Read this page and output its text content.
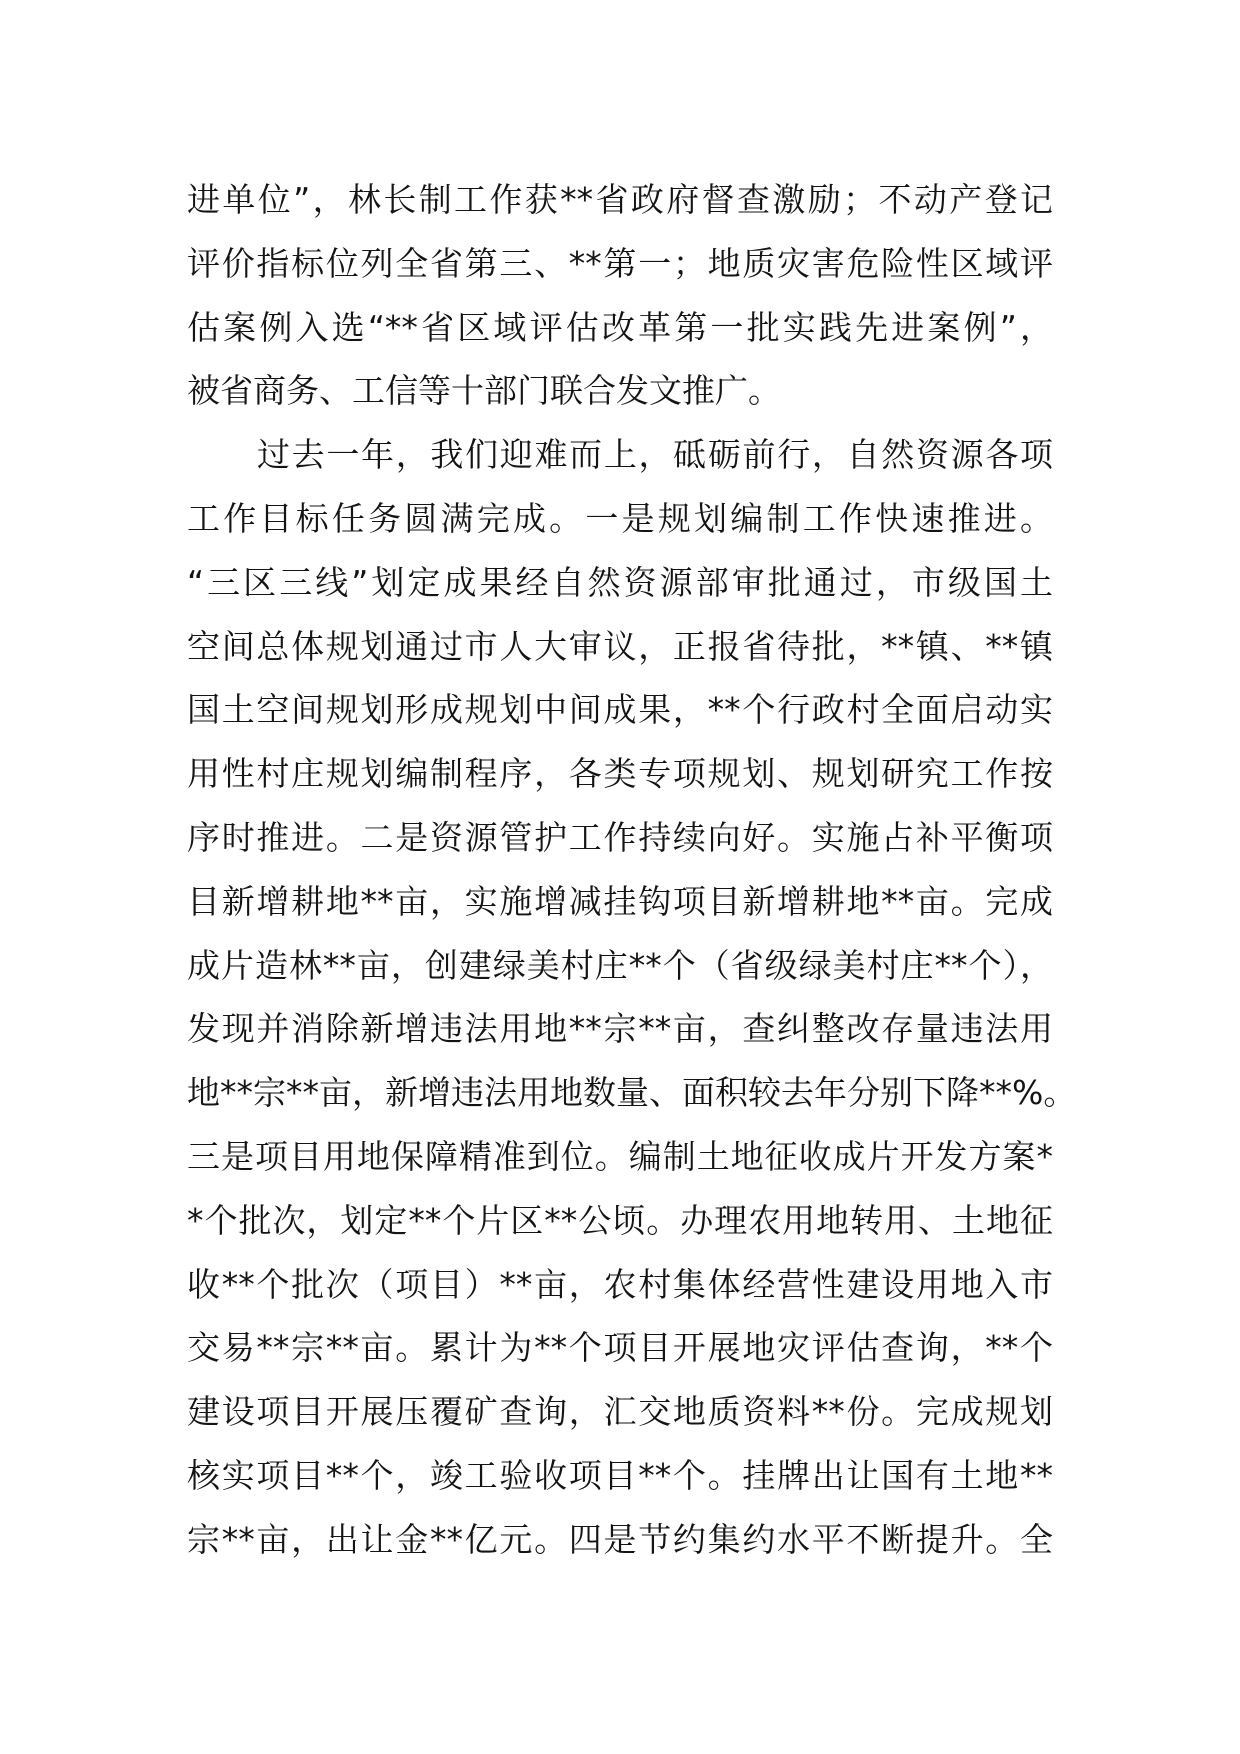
进单位”，林长制工作获**省政府督查激励；不动产登记
评价指标位列全省第三、**第一；地质灾害危险性区域评
估案例入选“**省区域评估改革第一批实践先进案例”，
被省商务、工信等十部门联合发文推广。
过去一年，我们迎难而上，砥砺前行，自然资源各项
工作目标任务圆满完成。一是规划编制工作快速推进。
“三区三线”划定成果经自然资源部审批通过，市级国土
空间总体规划通过市人大审议，正报省待批，**镇、**镇
国土空间规划形成规划中间成果，**个行政村全面启动实
用性村庄规划编制程序，各类专项规划、规划研究工作按
序时推进。二是资源管护工作持续向好。实施占补平衡项
目新增耕地**亩，实施增减挂钩项目新增耕地**亩。完成
成片造林**亩，创建绿美村庄**个（省级绿美村庄**个），
发现并消除新增违法用地**宗**亩，查纠整改存量违法用
地**宗**亩，新增违法用地数量、面积较去年分别下降**%。
三是项目用地保障精准到位。编制土地征收成片开发方案*
*个批次，划定**个片区**公顷。办理农用地转用、土地征
收**个批次（项目）**亩，农村集体经营性建设用地入市
交易**宗**亩。累计为**个项目开展地灾评估查询，**个
建设项目开展压覆矿查询，汇交地质资料**份。完成规划
核实项目**个，竣工验收项目**个。挂牌出让国有土地**
宗**亩，出让金**亿元。四是节约集约水平不断提升。全
